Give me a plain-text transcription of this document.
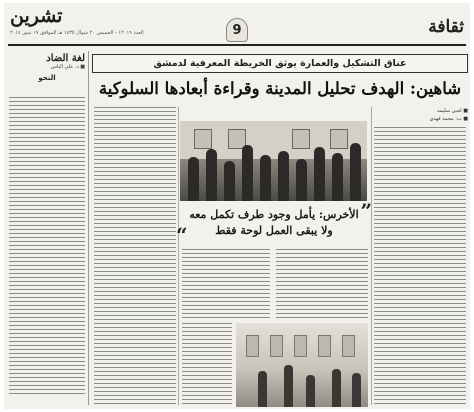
تشرين
العدد ١٢٠١٩ - الخميس ٢٠ شوال ١٤٣٥ هـ الموافق ١٧ تموز ٢٠١٤	9	ثقافة
لغة الضاد
■ د. علي الياس
النحو
عناق التشكيل والعمارة يوثق الخريطة المعرفية لدمشق
شاهين: الهدف تحليل المدينة وقراءة أبعادها السلوكية
■ لجين سليمه
■ ت: محمد فهدي
”
الأخرس: يأمل وجود طرف تكمل معه
ولا يبقى العمل لوحة فقط
“
